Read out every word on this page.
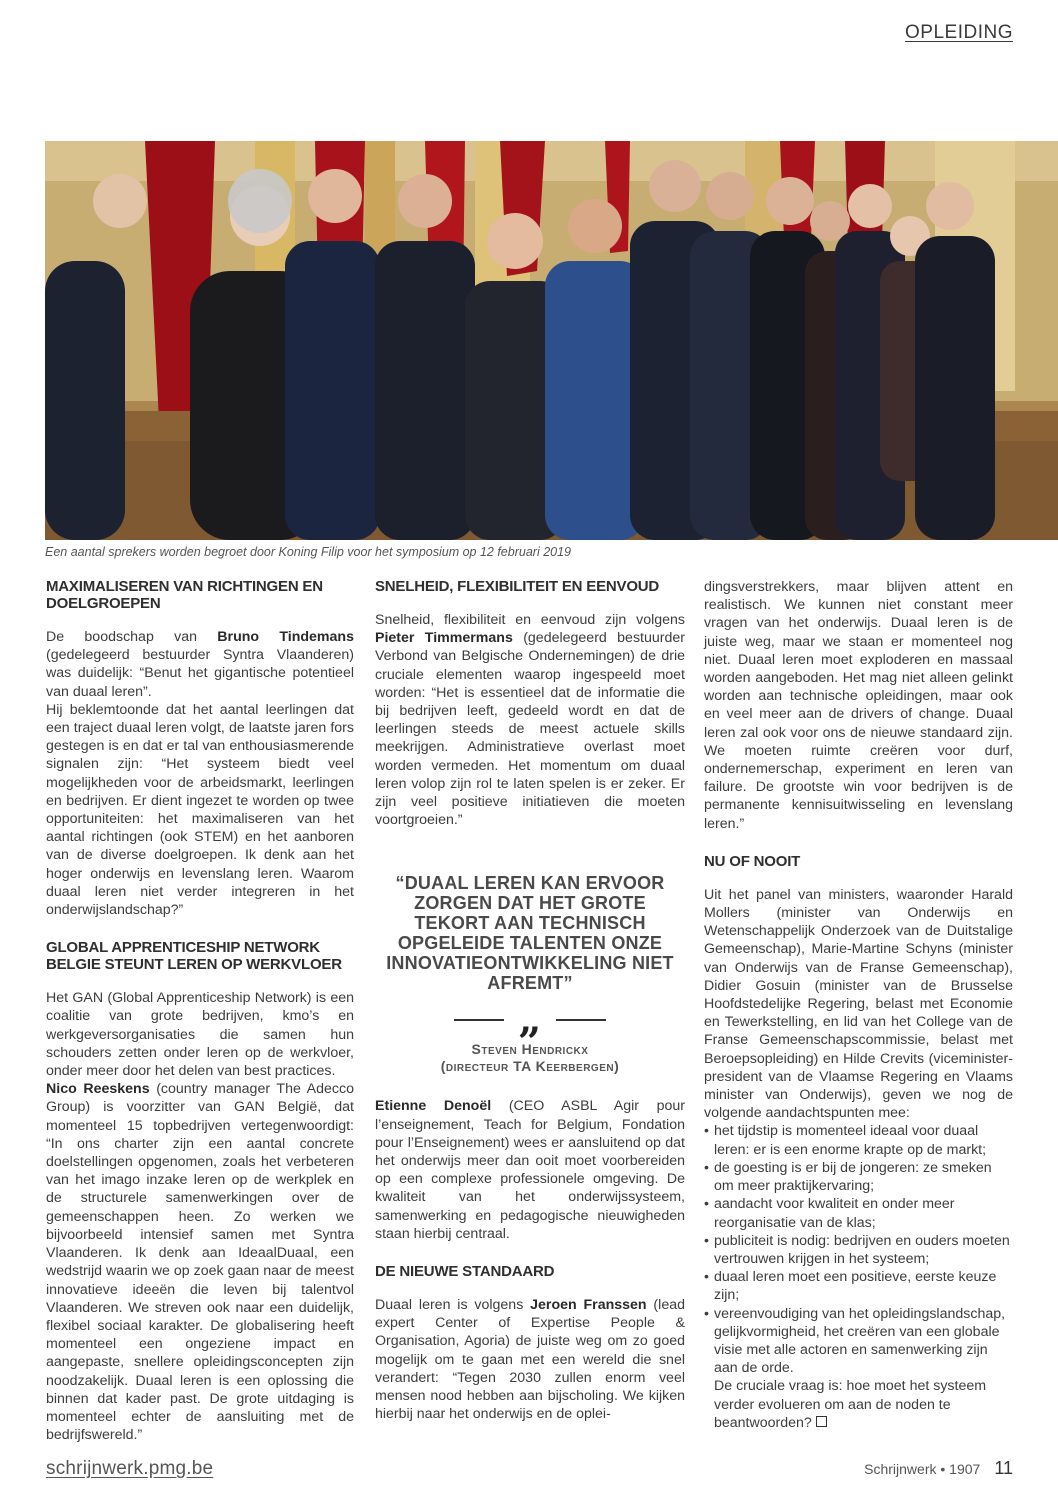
OPLEIDING
Een aantal sprekers worden begroet door Koning Filip voor het symposium op 12 februari 2019
MAXIMALISEREN VAN RICHTINGEN EN DOELGROEPEN

De boodschap van Bruno Tindemans (gedelegeerd bestuurder Syntra Vlaanderen) was duidelijk: “Benut het gigantische potentieel van duaal leren”.

Hij beklemtoonde dat het aantal leerlingen dat een traject duaal leren volgt, de laatste jaren fors gestegen is en dat er tal van enthousiasmerende signalen zijn: “Het systeem biedt veel mogelijkheden voor de arbeidsmarkt, leerlingen en bedrijven. Er dient ingezet te worden op twee opportuniteiten: het maximaliseren van het aantal richtingen (ook STEM) en het aanboren van de diverse doelgroepen. Ik denk aan het hoger onderwijs en levenslang leren. Waarom duaal leren niet verder integreren in het onderwijslandschap?”

GLOBAL APPRENTICESHIP NETWORK BELGIE STEUNT LEREN OP WERKVLOER

Het GAN (Global Apprenticeship Network) is een coalitie van grote bedrijven, kmo’s en werkgeversorganisaties die samen hun schouders zetten onder leren op de werkvloer, onder meer door het delen van best practices.

Nico Reeskens (country manager The Adecco Group) is voorzitter van GAN België, dat momenteel 15 topbedrijven vertegenwoordigt: “In ons charter zijn een aantal concrete doelstellingen opgenomen, zoals het verbeteren van het imago inzake leren op de werkplek en de structurele samenwerkingen over de gemeenschappen heen. Zo werken we bijvoorbeeld intensief samen met Syntra Vlaanderen. Ik denk aan IdeaalDuaal, een wedstrijd waarin we op zoek gaan naar de meest innovatieve ideeën die leven bij talentvol Vlaanderen. We streven ook naar een duidelijk, flexibel sociaal karakter. De globalisering heeft momenteel een ongeziene impact en aangepaste, snellere opleidingsconcepten zijn noodzakelijk. Duaal leren is een oplossing die binnen dat kader past. De grote uitdaging is momenteel echter de aansluiting met de bedrijfswereld.”

SNELHEID, FLEXIBILITEIT EN EENVOUD

Snelheid, flexibiliteit en eenvoud zijn volgens Pieter Timmermans (gedelegeerd bestuurder Verbond van Belgische Ondernemingen) de drie cruciale elementen waarop ingespeeld moet worden: “Het is essentieel dat de informatie die bij bedrijven leeft, gedeeld wordt en dat de leerlingen steeds de meest actuele skills meekrijgen. Administratieve overlast moet worden vermeden. Het momentum om duaal leren volop zijn rol te laten spelen is er zeker. Er zijn veel positieve initiatieven die moeten voortgroeien.”

“DUAAL LEREN KAN ERVOOR ZORGEN DAT HET GROTE TEKORT AAN TECHNISCH OPGELEIDE TALENTEN ONZE INNOVATIEONTWIKKELING NIET AFREMT”
„
Steven Hendrickx
(directeur TA Keerbergen)

Etienne Denoël (CEO ASBL Agir pour l’enseignement, Teach for Belgium, Fondation pour l’Enseignement) wees er aansluitend op dat het onderwijs meer dan ooit moet voorbereiden op een complexe professionele omgeving. De kwaliteit van het onderwijssysteem, samenwerking en pedagogische nieuwigheden staan hierbij centraal.

DE NIEUWE STANDAARD

Duaal leren is volgens Jeroen Franssen (lead expert Center of Expertise People & Organisation, Agoria) de juiste weg om zo goed mogelijk om te gaan met een wereld die snel verandert: “Tegen 2030 zullen enorm veel mensen nood hebben aan bijscholing. We kijken hierbij naar het onderwijs en de oplei-

dingsverstrekkers, maar blijven attent en realistisch. We kunnen niet constant meer vragen van het onderwijs. Duaal leren is de juiste weg, maar we staan er momenteel nog niet. Duaal leren moet exploderen en massaal worden aangeboden. Het mag niet alleen gelinkt worden aan technische opleidingen, maar ook en veel meer aan de drivers of change. Duaal leren zal ook voor ons de nieuwe standaard zijn. We moeten ruimte creëren voor durf, ondernemerschap, experiment en leren van failure. De grootste win voor bedrijven is de permanente kennisuitwisseling en levenslang leren.”

NU OF NOOIT

Uit het panel van ministers, waaronder Harald Mollers (minister van Onderwijs en Wetenschappelijk Onderzoek van de Duitstalige Gemeenschap), Marie-Martine Schyns (minister van Onderwijs van de Franse Gemeenschap), Didier Gosuin (minister van de Brusselse Hoofdstedelijke Regering, belast met Economie en Tewerkstelling, en lid van het College van de Franse Gemeenschapscommissie, belast met Beroepsopleiding) en Hilde Crevits (viceminister-president van de Vlaamse Regering en Vlaams minister van Onderwijs), geven we nog de volgende aandachtspunten mee:

• het tijdstip is momenteel ideaal voor duaal leren: er is een enorme krapte op de markt;
• de goesting is er bij de jongeren: ze smeken om meer praktijkervaring;
• aandacht voor kwaliteit en onder meer reorganisatie van de klas;
• publiciteit is nodig: bedrijven en ouders moeten vertrouwen krijgen in het systeem;
• duaal leren moet een positieve, eerste keuze zijn;
• vereenvoudiging van het opleidingslandschap, gelijkvormigheid, het creëren van een globale visie met alle actoren en samenwerking zijn aan de orde.

De cruciale vraag is: hoe moet het systeem verder evolueren om aan de noden te beantwoorden?

schrijnwerk.pmg.be	Schrijnwerk • 1907 11
